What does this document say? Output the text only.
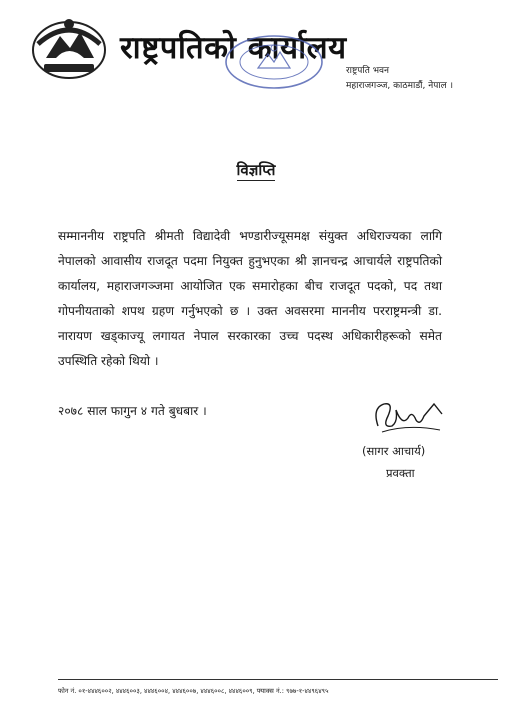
राष्ट्रपतिको कार्यालय
राष्ट्रपति भवन
महाराजगञ्ज, काठमाडौं, नेपाल ।
विज्ञप्ति
सम्माननीय राष्ट्रपति श्रीमती विद्यादेवी भण्डारीज्यूसमक्ष संयुक्त अधिराज्यका लागि नेपालको आवासीय राजदूत पदमा नियुक्त हुनुभएका श्री ज्ञानचन्द्र आचार्यले राष्ट्रपतिको कार्यालय, महाराजगञ्जमा आयोजित एक समारोहका बीच राजदूत पदको, पद तथा गोपनीयताको शपथ ग्रहण गर्नुभएको छ । उक्त अवसरमा माननीय परराष्ट्रमन्त्री डा. नारायण खड्काज्यू लगायत नेपाल सरकारका उच्च पदस्थ अधिकारीहरूको समेत उपस्थिति रहेको थियो ।
२०७८ साल फागुन ४ गते बुधबार ।
(सागर आचार्य)
प्रवक्ता
फोन नं. ०१-४४४६००२, ४४४६००३, ४४४६००४, ४४४६००७, ४४४६००८, ४४४६००९, फ्याक्स नं.: ९७७-१-४४९६४९५
